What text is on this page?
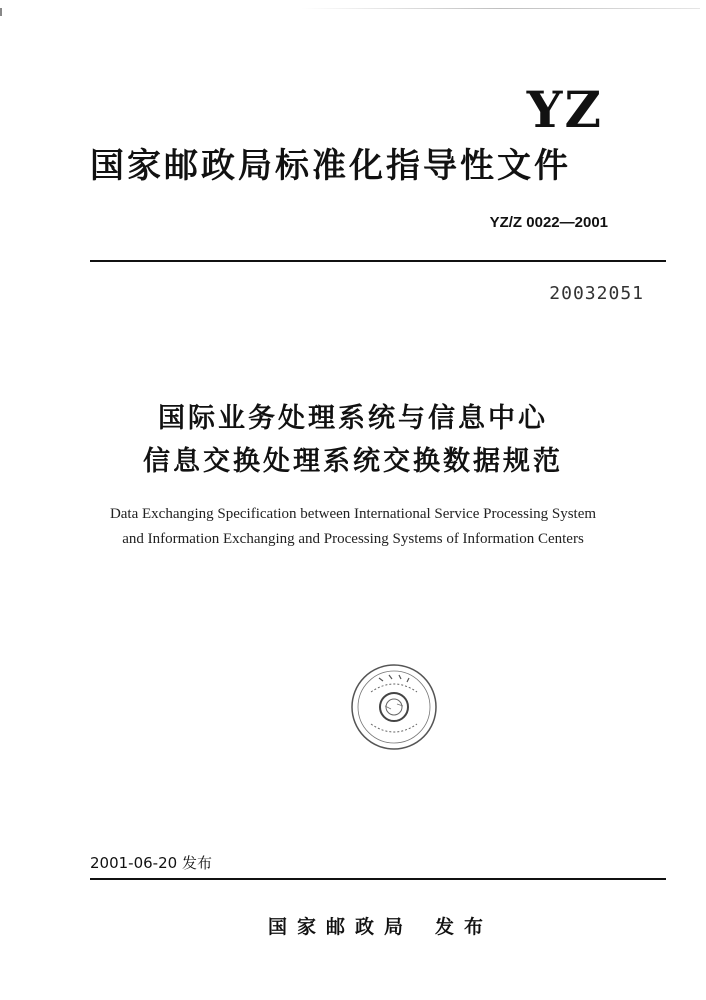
YZ
国家邮政局标准化指导性文件
YZ/Z 0022—2001
20032051
国际业务处理系统与信息中心
信息交换处理系统交换数据规范
Data Exchanging Specification between International Service Processing System
and Information Exchanging and Processing Systems of Information Centers
2001-06-20 发布
国家邮政局 发布
